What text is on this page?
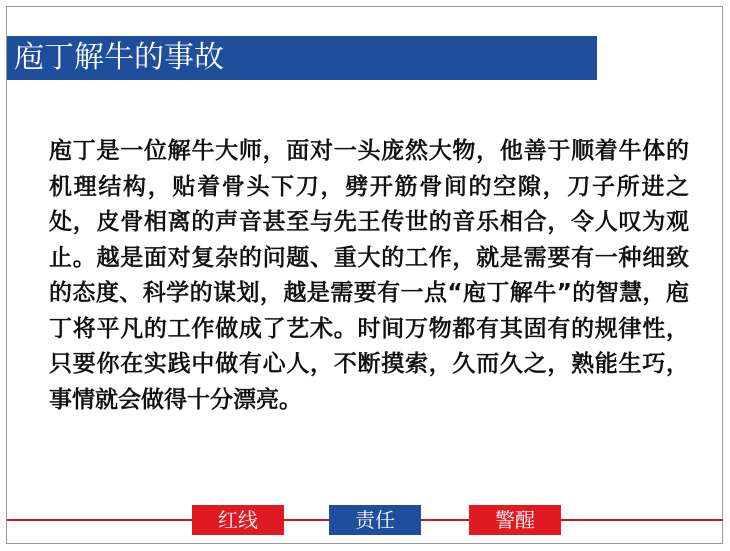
庖丁解牛的事故
庖丁是一位解牛大师，面对一头庞然大物，他善于顺着牛体的机理结构，贴着骨头下刀，劈开筋骨间的空隙，刀子所进之处，皮骨相离的声音甚至与先王传世的音乐相合，令人叹为观止。越是面对复杂的问题、重大的工作，就是需要有一种细致的态度、科学的谋划，越是需要有一点“庖丁解牛”的智慧，庖丁将平凡的工作做成了艺术。时间万物都有其固有的规律性，只要你在实践中做有心人，不断摸索，久而久之，熟能生巧，事情就会做得十分漂亮。
红线	责任	警醒
